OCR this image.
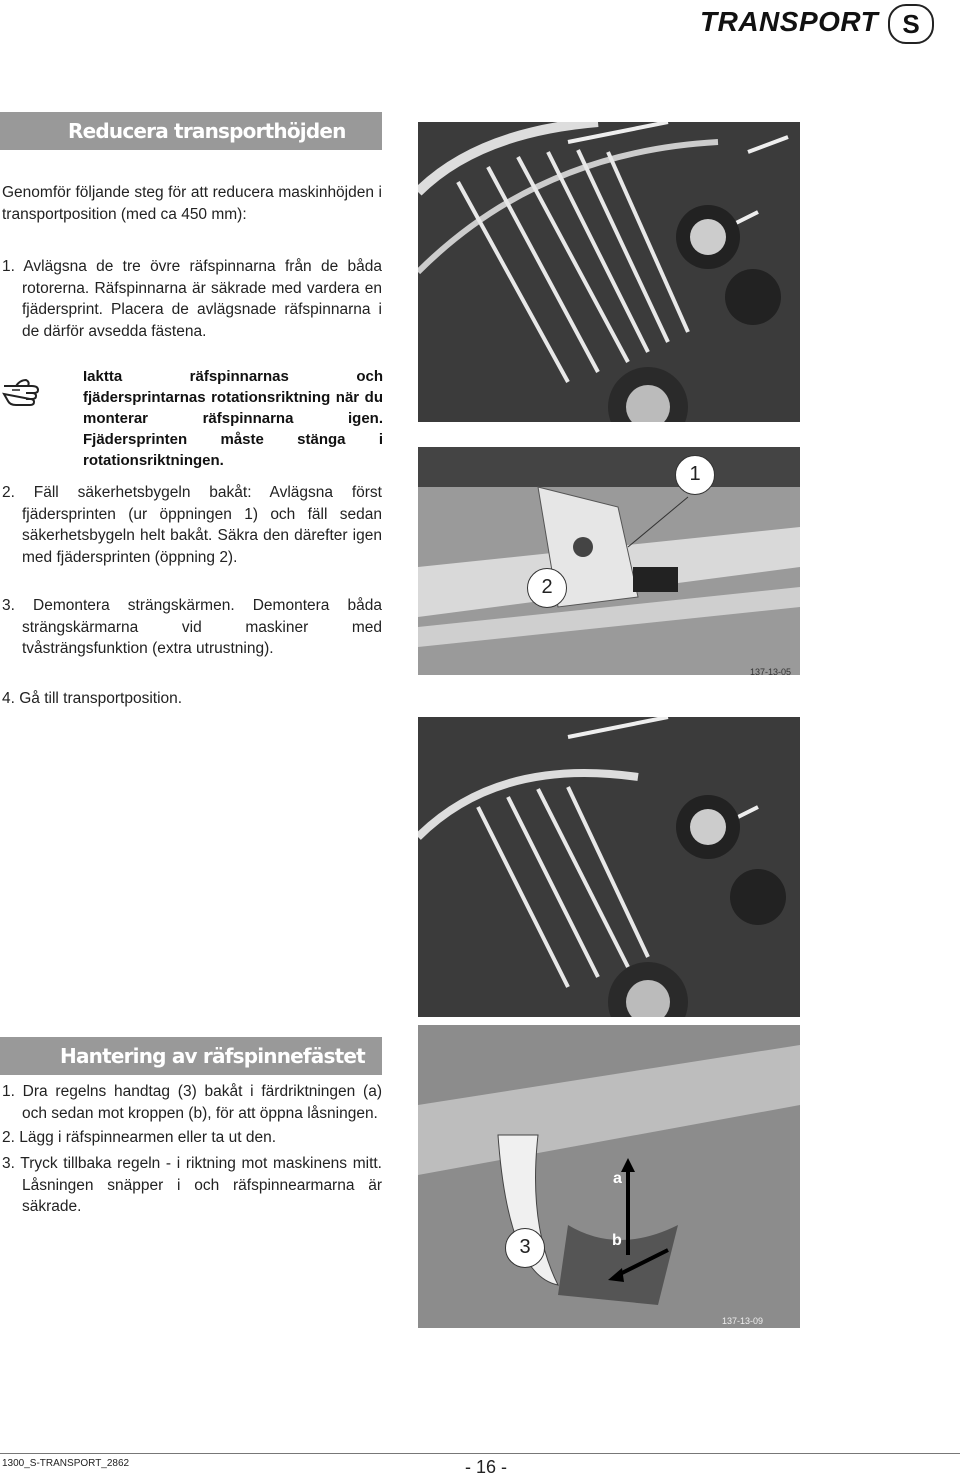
TRANSPORT S
Reducera transporthöjden
Genomför följande steg för att reducera maskinhöjden i transportposition (med ca 450 mm):
1. Avlägsna de tre övre räfspinnarna från de båda rotorerna. Räfspinnarna är säkrade med vardera en fjädersprint. Placera de avlägsnade räfspinnarna i de därför avsedda fästena.
Iaktta räfspinnarnas och fjädersprintarnas rotationsriktning när du monterar räfspinnarna igen. Fjädersprinten måste stänga i rotationsriktningen.
2. Fäll säkerhetsbygeln bakåt: Avlägsna först fjädersprinten (ur öppningen 1) och fäll sedan säkerhetsbygeln helt bakåt. Säkra den därefter igen med fjädersprinten (öppning 2).
3. Demontera strängskärmen. Demontera båda strängskärmarna vid maskiner med tvåsträngsfunktion (extra utrustning).
4. Gå till transportposition.
1
2
137-13-05
Hantering av räfspinnefästet
1. Dra regelns handtag (3) bakåt i färdriktningen (a) och sedan mot kroppen (b), för att öppna låsningen.
2. Lägg i räfspinnearmen eller ta ut den.
3. Tryck tillbaka regeln - i riktning mot maskinens mitt. Låsningen snäpper i och räfspinnearmarna är säkrade.
3
a
b
137-13-09
1300_S-TRANSPORT_2862	- 16 -
